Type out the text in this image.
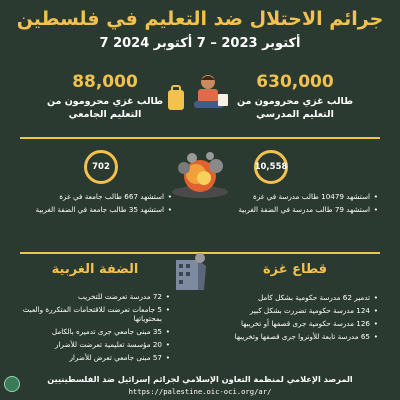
جرائم الاحتلال ضد التعليم في فلسطين
7 أكتوبر 2023 – 7 أكتوبر 2024
630,000
طالب غزي محرومون من
التعليم المدرسي
88,000
طالب غزي محرومون من
التعليم الجامعي
10,558
702
• استشهد 10479 طالب مدرسة في غزة
• استشهد 79 طالب مدرسة في الضفة الغربية
• استشهد 667 طالب جامعة في غزة
• استشهد 35 طالب جامعة في الضفة الغربية
قطاع غزة
• تدمير 62 مدرسة حكومية بشكل كامل
• 124 مدرسة حكومية تضررت بشكل كبير
• 126 مدرسة حكومية جرى قصفها أو تخريبها
• 65 مدرسة تابعة للأونروا جرى قصفها وتخريبها
الضفة الغربية
• 72 مدرسة تعرضت للتخريب
• 5 جامعات تعرضت للاقتحامات المتكررة والعبث بمحتوياتها
• 35 مبنى جامعي جرى تدميره بالكامل
• 20 مؤسسة تعليمية تعرضت للأضرار
• 57 مبنى جامعي تعرض للأضرار
المرصد الإعلامي لمنظمة التعاون الإسلامي لجرائم إسرائيل ضد الفلسطينيين
https://palestine.oic-oci.org/ar/
